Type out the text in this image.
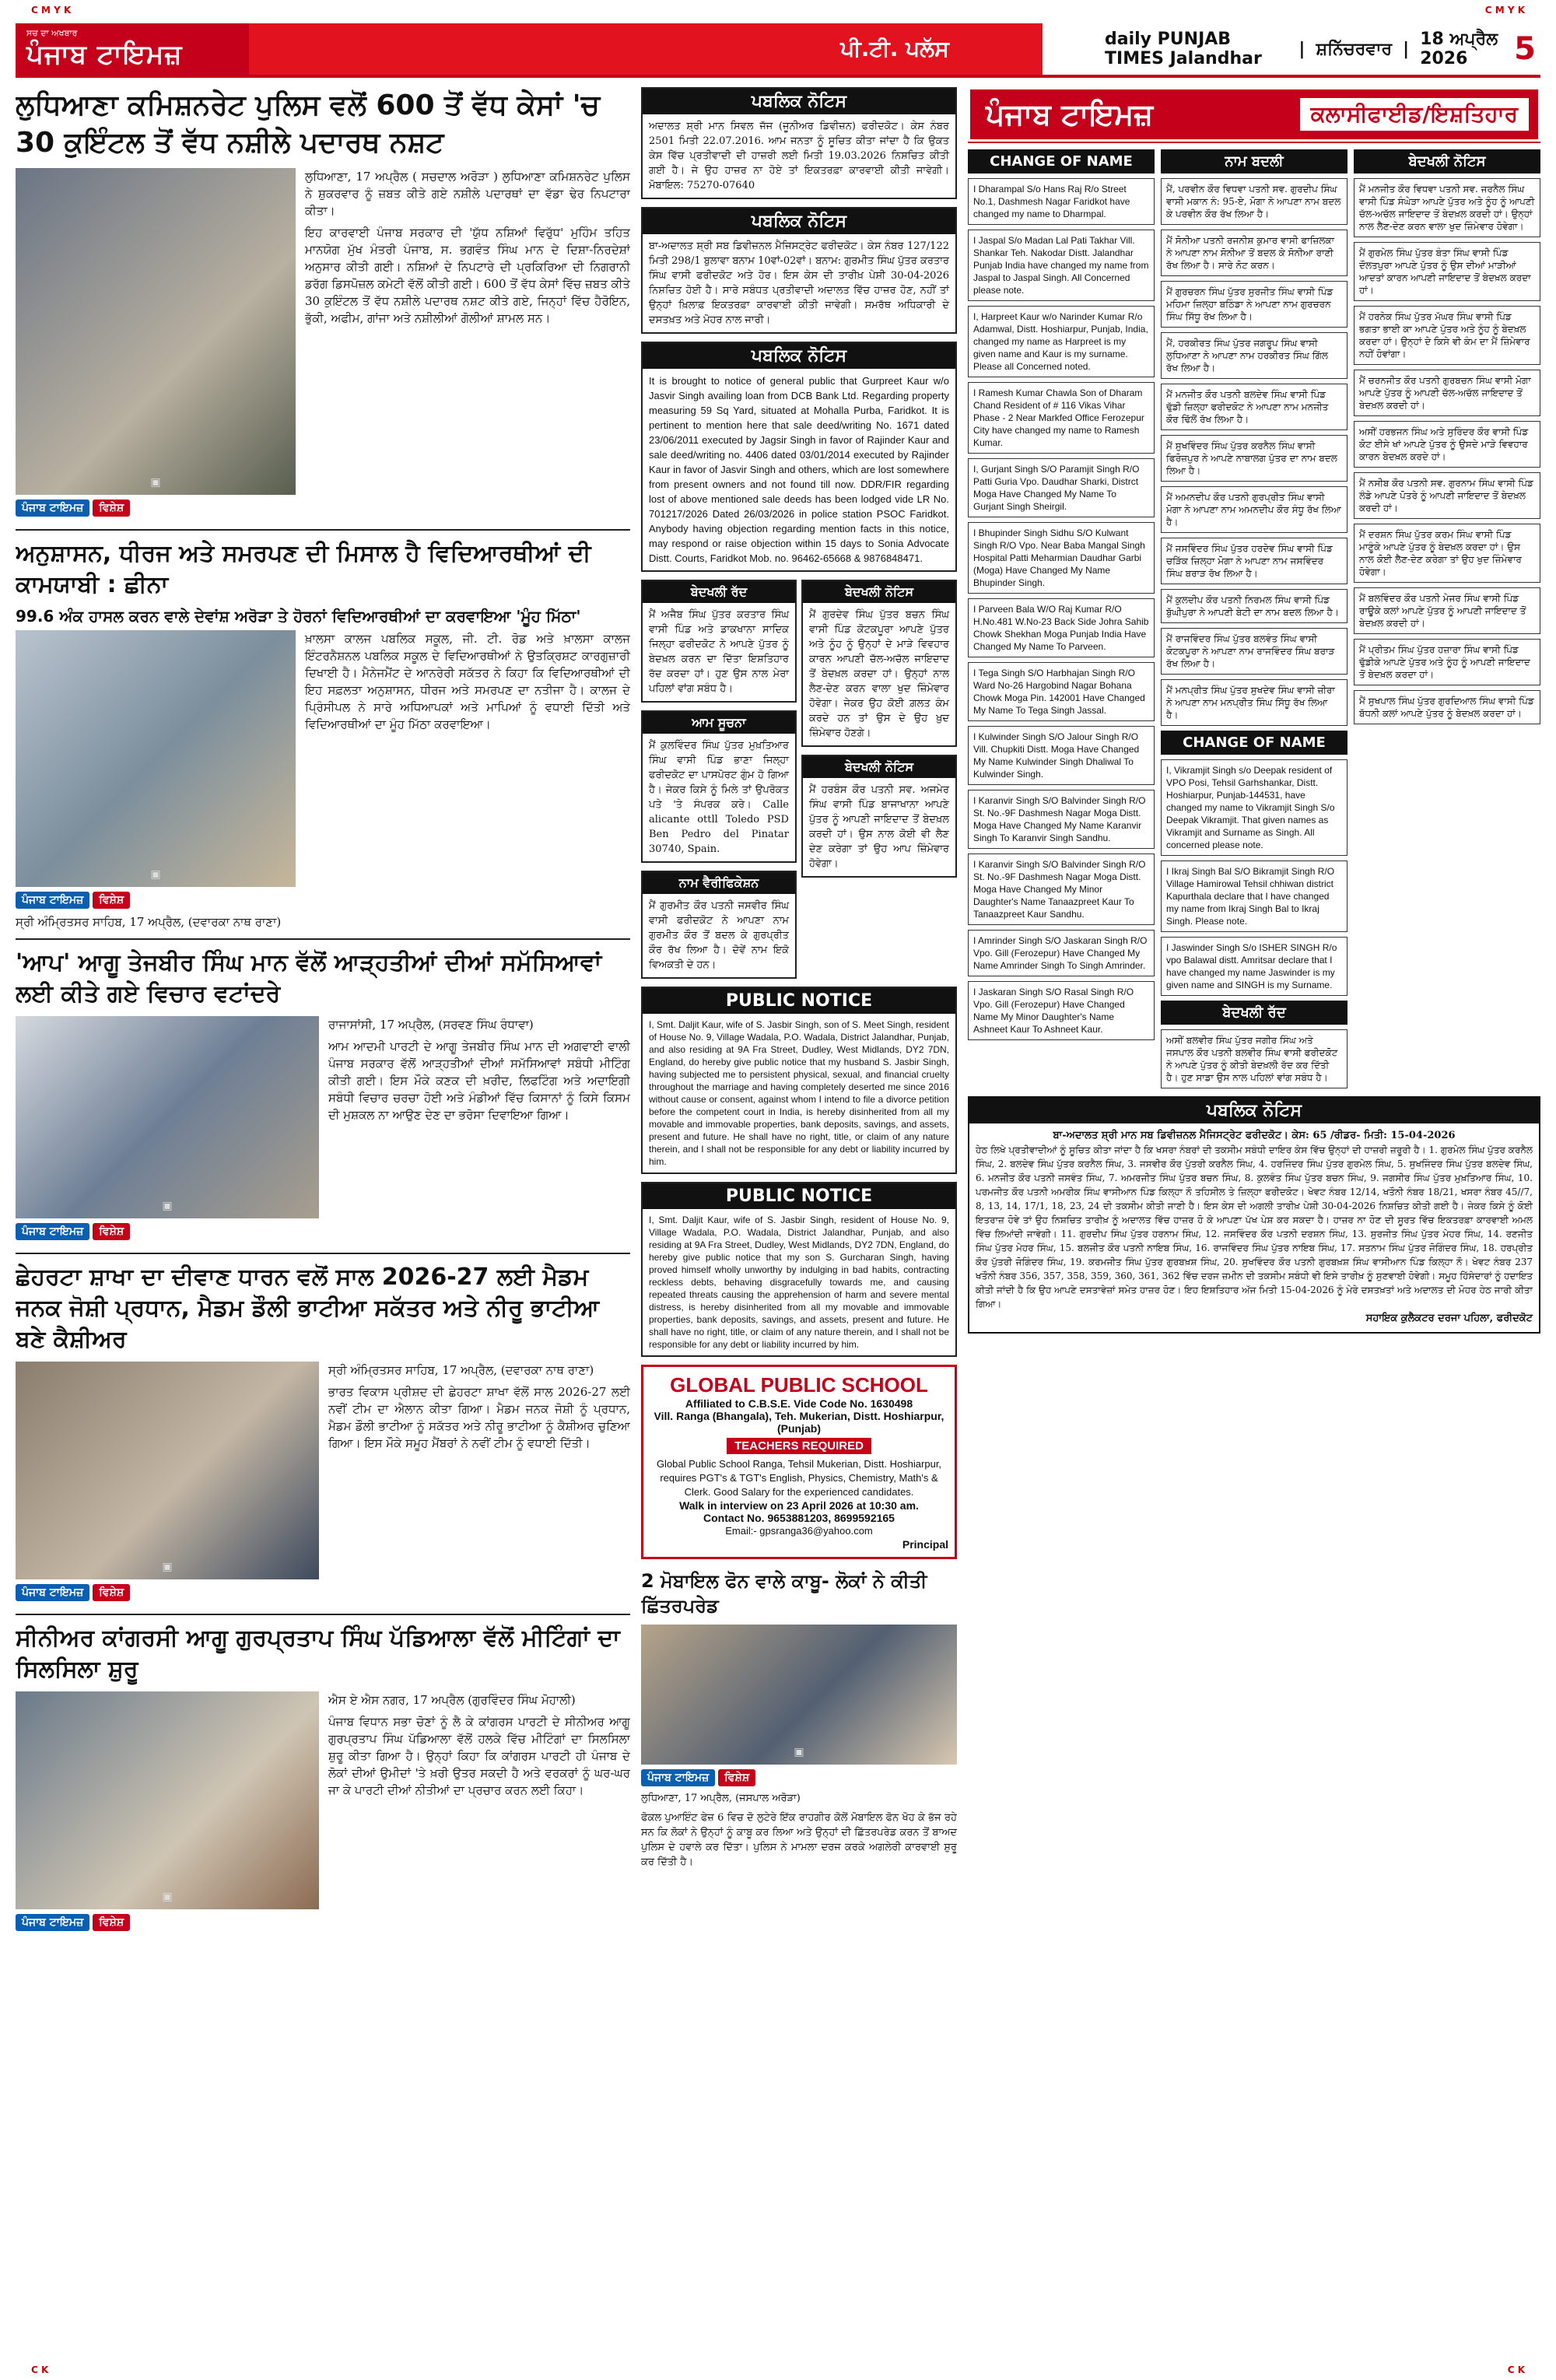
C M Y K	C M Y K
C K	C K
ਸਚ ਦਾ ਅਖਬਾਰ
ਪੰਜਾਬ ਟਾਇਮਜ਼	ਪੀ.ਟੀ. ਪਲੱਸ	daily PUNJAB TIMES Jalandhar	| ਸ਼ਨਿੱਚਰਵਾਰ | 18 ਅਪ੍ਰੈਲ 2026	5
ਲੁਧਿਆਣਾ ਕਮਿਸ਼ਨਰੇਟ ਪੁਲਿਸ ਵਲੋਂ 600 ਤੋਂ ਵੱਧ ਕੇਸਾਂ 'ਚ 30 ਕੁਇੰਟਲ ਤੋਂ ਵੱਧ ਨਸ਼ੀਲੇ ਪਦਾਰਥ ਨਸ਼ਟ
▣

ਲੁਧਿਆਣਾ, 17 ਅਪ੍ਰੈਲ ( ਸਚਦਾਲ ਅਰੋੜਾ ) ਲੁਧਿਆਣਾ ਕਮਿਸ਼ਨਰੇਟ ਪੁਲਿਸ ਨੇ ਸ਼ੁਕਰਵਾਰ ਨੂੰ ਜ਼ਬਤ ਕੀਤੇ ਗਏ ਨਸ਼ੀਲੇ ਪਦਾਰਥਾਂ ਦਾ ਵੱਡਾ ਢੇਰ ਨਿਪਟਾਰਾ ਕੀਤਾ।

ਇਹ ਕਾਰਵਾਈ ਪੰਜਾਬ ਸਰਕਾਰ ਦੀ 'ਯੁੱਧ ਨਸ਼ਿਆਂ ਵਿਰੁੱਧ' ਮੁਹਿੰਮ ਤਹਿਤ ਮਾਨਯੋਗ ਮੁੱਖ ਮੰਤਰੀ ਪੰਜਾਬ, ਸ. ਭਗਵੰਤ ਸਿੰਘ ਮਾਨ ਦੇ ਦਿਸ਼ਾ-ਨਿਰਦੇਸ਼ਾਂ ਅਨੁਸਾਰ ਕੀਤੀ ਗਈ। ਨਸ਼ਿਆਂ ਦੇ ਨਿਪਟਾਰੇ ਦੀ ਪ੍ਰਕਿਰਿਆ ਦੀ ਨਿਗਰਾਨੀ ਡਰੱਗ ਡਿਸਪੋਜ਼ਲ ਕਮੇਟੀ ਵੱਲੋਂ ਕੀਤੀ ਗਈ। 600 ਤੋਂ ਵੱਧ ਕੇਸਾਂ ਵਿੱਚ ਜ਼ਬਤ ਕੀਤੇ 30 ਕੁਇੰਟਲ ਤੋਂ ਵੱਧ ਨਸ਼ੀਲੇ ਪਦਾਰਥ ਨਸ਼ਟ ਕੀਤੇ ਗਏ, ਜਿਨ੍ਹਾਂ ਵਿੱਚ ਹੈਰੋਇਨ, ਭੁੱਕੀ, ਅਫੀਮ, ਗਾਂਜਾ ਅਤੇ ਨਸ਼ੀਲੀਆਂ ਗੋਲੀਆਂ ਸ਼ਾਮਲ ਸਨ।

ਪੰਜਾਬ ਟਾਇਮਜ਼	ਵਿਸ਼ੇਸ਼
ਅਨੁਸ਼ਾਸਨ, ਧੀਰਜ ਅਤੇ ਸਮਰਪਣ ਦੀ ਮਿਸਾਲ ਹੈ ਵਿਦਿਆਰਥੀਆਂ ਦੀ ਕਾਮਯਾਬੀ : ਛੀਨਾ
99.6 ਅੰਕ ਹਾਸਲ ਕਰਨ ਵਾਲੇ ਦੇਵਾਂਸ਼ ਅਰੋੜਾ ਤੇ ਹੋਰਨਾਂ ਵਿਦਿਆਰਥੀਆਂ ਦਾ ਕਰਵਾਇਆ 'ਮੂੰਹ ਮਿੱਠਾ'
▣

ਖ਼ਾਲਸਾ ਕਾਲਜ ਪਬਲਿਕ ਸਕੂਲ, ਜੀ. ਟੀ. ਰੋਡ ਅਤੇ ਖ਼ਾਲਸਾ ਕਾਲਜ ਇੰਟਰਨੈਸ਼ਨਲ ਪਬਲਿਕ ਸਕੂਲ ਦੇ ਵਿਦਿਆਰਥੀਆਂ ਨੇ ਉਤਕ੍ਰਿਸ਼ਟ ਕਾਰਗੁਜ਼ਾਰੀ ਦਿਖਾਈ ਹੈ। ਮੈਨੇਜਮੈਂਟ ਦੇ ਆਨਰੇਰੀ ਸਕੱਤਰ ਨੇ ਕਿਹਾ ਕਿ ਵਿਦਿਆਰਥੀਆਂ ਦੀ ਇਹ ਸਫ਼ਲਤਾ ਅਨੁਸ਼ਾਸਨ, ਧੀਰਜ ਅਤੇ ਸਮਰਪਣ ਦਾ ਨਤੀਜਾ ਹੈ। ਕਾਲਜ ਦੇ ਪ੍ਰਿੰਸੀਪਲ ਨੇ ਸਾਰੇ ਅਧਿਆਪਕਾਂ ਅਤੇ ਮਾਪਿਆਂ ਨੂੰ ਵਧਾਈ ਦਿੱਤੀ ਅਤੇ ਵਿਦਿਆਰਥੀਆਂ ਦਾ ਮੂੰਹ ਮਿੱਠਾ ਕਰਵਾਇਆ।

ਪੰਜਾਬ ਟਾਇਮਜ਼	ਵਿਸ਼ੇਸ਼

ਸ੍ਰੀ ਅੰਮ੍ਰਿਤਸਰ ਸਾਹਿਬ, 17 ਅਪ੍ਰੈਲ, (ਦਵਾਰਕਾ ਨਾਥ ਰਾਣਾ)

'ਆਪ' ਆਗੂ ਤੇਜਬੀਰ ਸਿੰਘ ਮਾਨ ਵੱਲੋਂ ਆੜ੍ਹਤੀਆਂ ਦੀਆਂ ਸਮੱਸਿਆਵਾਂ ਲਈ ਕੀਤੇ ਗਏ ਵਿਚਾਰ ਵਟਾਂਦਰੇ
▣

ਰਾਜਾਸਾਂਸੀ, 17 ਅਪ੍ਰੈਲ, (ਸਰਵਣ ਸਿੰਘ ਰੰਧਾਵਾ)

ਆਮ ਆਦਮੀ ਪਾਰਟੀ ਦੇ ਆਗੂ ਤੇਜਬੀਰ ਸਿੰਘ ਮਾਨ ਦੀ ਅਗਵਾਈ ਵਾਲੀ ਪੰਜਾਬ ਸਰਕਾਰ ਵੱਲੋਂ ਆੜ੍ਹਤੀਆਂ ਦੀਆਂ ਸਮੱਸਿਆਵਾਂ ਸਬੰਧੀ ਮੀਟਿੰਗ ਕੀਤੀ ਗਈ। ਇਸ ਮੌਕੇ ਕਣਕ ਦੀ ਖ਼ਰੀਦ, ਲਿਫਟਿੰਗ ਅਤੇ ਅਦਾਇਗੀ ਸਬੰਧੀ ਵਿਚਾਰ ਚਰਚਾ ਹੋਈ ਅਤੇ ਮੰਡੀਆਂ ਵਿੱਚ ਕਿਸਾਨਾਂ ਨੂੰ ਕਿਸੇ ਕਿਸਮ ਦੀ ਮੁਸ਼ਕਲ ਨਾ ਆਉਣ ਦੇਣ ਦਾ ਭਰੋਸਾ ਦਿਵਾਇਆ ਗਿਆ।

ਪੰਜਾਬ ਟਾਇਮਜ਼	ਵਿਸ਼ੇਸ਼
ਛੇਹਰਟਾ ਸ਼ਾਖਾ ਦਾ ਦੀਵਾਣ ਧਾਰਨ ਵਲੋਂ ਸਾਲ 2026-27 ਲਈ ਮੈਡਮ ਜਨਕ ਜੋਸ਼ੀ ਪ੍ਰਧਾਨ, ਮੈਡਮ ਡੌਲੀ ਭਾਟੀਆ ਸਕੱਤਰ ਅਤੇ ਨੀਰੂ ਭਾਟੀਆ ਬਣੇ ਕੈਸ਼ੀਅਰ
▣

ਸ੍ਰੀ ਅੰਮ੍ਰਿਤਸਰ ਸਾਹਿਬ, 17 ਅਪ੍ਰੈਲ, (ਦਵਾਰਕਾ ਨਾਥ ਰਾਣਾ)

ਭਾਰਤ ਵਿਕਾਸ ਪ੍ਰੀਸ਼ਦ ਦੀ ਛੇਹਰਟਾ ਸ਼ਾਖਾ ਵੱਲੋਂ ਸਾਲ 2026-27 ਲਈ ਨਵੀਂ ਟੀਮ ਦਾ ਐਲਾਨ ਕੀਤਾ ਗਿਆ। ਮੈਡਮ ਜਨਕ ਜੋਸ਼ੀ ਨੂੰ ਪ੍ਰਧਾਨ, ਮੈਡਮ ਡੌਲੀ ਭਾਟੀਆ ਨੂੰ ਸਕੱਤਰ ਅਤੇ ਨੀਰੂ ਭਾਟੀਆ ਨੂੰ ਕੈਸ਼ੀਅਰ ਚੁਣਿਆ ਗਿਆ। ਇਸ ਮੌਕੇ ਸਮੂਹ ਮੈਂਬਰਾਂ ਨੇ ਨਵੀਂ ਟੀਮ ਨੂੰ ਵਧਾਈ ਦਿੱਤੀ।

ਪੰਜਾਬ ਟਾਇਮਜ਼	ਵਿਸ਼ੇਸ਼
ਸੀਨੀਅਰ ਕਾਂਗਰਸੀ ਆਗੂ ਗੁਰਪ੍ਰਤਾਪ ਸਿੰਘ ਪੱਡਿਆਲਾ ਵੱਲੋਂ ਮੀਟਿੰਗਾਂ ਦਾ ਸਿਲਸਿਲਾ ਸ਼ੁਰੂ
▣

ਐਸ ਏ ਐਸ ਨਗਰ, 17 ਅਪ੍ਰੈਲ (ਗੁਰਵਿੰਦਰ ਸਿੰਘ ਮੋਹਾਲੀ)

ਪੰਜਾਬ ਵਿਧਾਨ ਸਭਾ ਚੋਣਾਂ ਨੂੰ ਲੈ ਕੇ ਕਾਂਗਰਸ ਪਾਰਟੀ ਦੇ ਸੀਨੀਅਰ ਆਗੂ ਗੁਰਪ੍ਰਤਾਪ ਸਿੰਘ ਪੱਡਿਆਲਾ ਵੱਲੋਂ ਹਲਕੇ ਵਿੱਚ ਮੀਟਿੰਗਾਂ ਦਾ ਸਿਲਸਿਲਾ ਸ਼ੁਰੂ ਕੀਤਾ ਗਿਆ ਹੈ। ਉਨ੍ਹਾਂ ਕਿਹਾ ਕਿ ਕਾਂਗਰਸ ਪਾਰਟੀ ਹੀ ਪੰਜਾਬ ਦੇ ਲੋਕਾਂ ਦੀਆਂ ਉਮੀਦਾਂ 'ਤੇ ਖ਼ਰੀ ਉਤਰ ਸਕਦੀ ਹੈ ਅਤੇ ਵਰਕਰਾਂ ਨੂੰ ਘਰ-ਘਰ ਜਾ ਕੇ ਪਾਰਟੀ ਦੀਆਂ ਨੀਤੀਆਂ ਦਾ ਪ੍ਰਚਾਰ ਕਰਨ ਲਈ ਕਿਹਾ।

ਪੰਜਾਬ ਟਾਇਮਜ਼	ਵਿਸ਼ੇਸ਼
ਪਬਲਿਕ ਨੋਟਿਸ
ਅਦਾਲਤ ਸ਼੍ਰੀ ਮਾਨ ਸਿਵਲ ਜੱਜ (ਜੂਨੀਅਰ ਡਿਵੀਜ਼ਨ) ਫਰੀਦਕੋਟ। ਕੇਸ ਨੰਬਰ 2501 ਮਿਤੀ 22.07.2016. ਆਮ ਜਨਤਾ ਨੂੰ ਸੂਚਿਤ ਕੀਤਾ ਜਾਂਦਾ ਹੈ ਕਿ ਉਕਤ ਕੇਸ ਵਿੱਚ ਪ੍ਰਤੀਵਾਦੀ ਦੀ ਹਾਜ਼ਰੀ ਲਈ ਮਿਤੀ 19.03.2026 ਨਿਸ਼ਚਿਤ ਕੀਤੀ ਗਈ ਹੈ। ਜੇ ਉਹ ਹਾਜ਼ਰ ਨਾ ਹੋਏ ਤਾਂ ਇਕਤਰਫ਼ਾ ਕਾਰਵਾਈ ਕੀਤੀ ਜਾਵੇਗੀ। ਮੋਬਾਇਲ: 75270-07640
ਪਬਲਿਕ ਨੋਟਿਸ
ਬਾ-ਅਦਾਲਤ ਸ਼੍ਰੀ ਸਬ ਡਿਵੀਜ਼ਨਲ ਮੈਜਿਸਟ੍ਰੇਟ ਫਰੀਦਕੋਟ। ਕੇਸ ਨੰਬਰ 127/122 ਮਿਤੀ 298/1 ਬੁਲਾਵਾ ਬਨਾਮ 10ਵਾਂ-02ਵਾਂ। ਬਨਾਮ: ਗੁਰਮੀਤ ਸਿੰਘ ਪੁੱਤਰ ਕਰਤਾਰ ਸਿੰਘ ਵਾਸੀ ਫਰੀਦਕੋਟ ਅਤੇ ਹੋਰ। ਇਸ ਕੇਸ ਦੀ ਤਾਰੀਖ਼ ਪੇਸ਼ੀ 30-04-2026 ਨਿਸ਼ਚਿਤ ਹੋਈ ਹੈ। ਸਾਰੇ ਸਬੰਧਤ ਪ੍ਰਤੀਵਾਦੀ ਅਦਾਲਤ ਵਿੱਚ ਹਾਜ਼ਰ ਹੋਣ, ਨਹੀਂ ਤਾਂ ਉਨ੍ਹਾਂ ਖ਼ਿਲਾਫ਼ ਇਕਤਰਫ਼ਾ ਕਾਰਵਾਈ ਕੀਤੀ ਜਾਵੇਗੀ। ਸਮਰੱਥ ਅਧਿਕਾਰੀ ਦੇ ਦਸਤਖ਼ਤ ਅਤੇ ਮੋਹਰ ਨਾਲ ਜਾਰੀ।
ਪਬਲਿਕ ਨੋਟਿਸ
It is brought to notice of general public that Gurpreet Kaur w/o Jasvir Singh availing loan from DCB Bank Ltd. Regarding property measuring 59 Sq Yard, situated at Mohalla Purba, Faridkot. It is pertinent to mention here that sale deed/writing No. 1671 dated 23/06/2011 executed by Jagsir Singh in favor of Rajinder Kaur and sale deed/writing no. 4406 dated 03/01/2014 executed by Rajinder Kaur in favor of Jasvir Singh and others, which are lost somewhere from present owners and not found till now. DDR/FIR regarding lost of above mentioned sale deeds has been lodged vide LR No. 701217/2026 Dated 26/03/2026 in police station PSOC Faridkot. Anybody having objection regarding mention facts in this notice, may respond or raise objection within 15 days to Sonia Advocate Distt. Courts, Faridkot Mob. no. 96462-65668 & 9876848471.
ਬੇਦਖਲੀ ਰੱਦ
ਮੈਂ ਅਜੈਬ ਸਿੰਘ ਪੁੱਤਰ ਕਰਤਾਰ ਸਿੰਘ ਵਾਸੀ ਪਿੰਡ ਅਤੇ ਡਾਕਖਾਨਾ ਸਾਦਿਕ ਜਿਲ੍ਹਾ ਫਰੀਦਕੋਟ ਨੇ ਆਪਣੇ ਪੁੱਤਰ ਨੂੰ ਬੇਦਖ਼ਲ ਕਰਨ ਦਾ ਦਿੱਤਾ ਇਸ਼ਤਿਹਾਰ ਰੱਦ ਕਰਦਾ ਹਾਂ। ਹੁਣ ਉਸ ਨਾਲ ਮੇਰਾ ਪਹਿਲਾਂ ਵਾਂਗ ਸਬੰਧ ਹੈ।
ਆਮ ਸੂਚਨਾ
ਮੈਂ ਕੁਲਵਿੰਦਰ ਸਿੰਘ ਪੁੱਤਰ ਮੁਖ਼ਤਿਆਰ ਸਿੰਘ ਵਾਸੀ ਪਿੰਡ ਭਾਣਾ ਜਿਲ੍ਹਾ ਫਰੀਦਕੋਟ ਦਾ ਪਾਸਪੋਰਟ ਗੁੰਮ ਹੋ ਗਿਆ ਹੈ। ਜੇਕਰ ਕਿਸੇ ਨੂੰ ਮਿਲੇ ਤਾਂ ਉਪਰੋਕਤ ਪਤੇ 'ਤੇ ਸੰਪਰਕ ਕਰੇ। Calle alicante ottll Toledo PSD Ben Pedro del Pinatar 30740, Spain.
ਨਾਮ ਵੈਰੀਫਿਕੇਸ਼ਨ
ਮੈਂ ਗੁਰਮੀਤ ਕੌਰ ਪਤਨੀ ਜਸਵੀਰ ਸਿੰਘ ਵਾਸੀ ਫਰੀਦਕੋਟ ਨੇ ਆਪਣਾ ਨਾਮ ਗੁਰਮੀਤ ਕੌਰ ਤੋਂ ਬਦਲ ਕੇ ਗੁਰਪ੍ਰੀਤ ਕੌਰ ਰੱਖ ਲਿਆ ਹੈ। ਦੋਵੇਂ ਨਾਮ ਇਕੋ ਵਿਅਕਤੀ ਦੇ ਹਨ।
ਬੇਦਖਲੀ ਨੋਟਿਸ
ਮੈਂ ਗੁਰਦੇਵ ਸਿੰਘ ਪੁੱਤਰ ਬਚਨ ਸਿੰਘ ਵਾਸੀ ਪਿੰਡ ਕੋਟਕਪੂਰਾ ਆਪਣੇ ਪੁੱਤਰ ਅਤੇ ਨੂੰਹ ਨੂੰ ਉਨ੍ਹਾਂ ਦੇ ਮਾੜੇ ਵਿਵਹਾਰ ਕਾਰਨ ਆਪਣੀ ਚੱਲ-ਅਚੱਲ ਜਾਇਦਾਦ ਤੋਂ ਬੇਦਖ਼ਲ ਕਰਦਾ ਹਾਂ। ਉਨ੍ਹਾਂ ਨਾਲ ਲੈਣ-ਦੇਣ ਕਰਨ ਵਾਲਾ ਖੁਦ ਜ਼ਿੰਮੇਵਾਰ ਹੋਵੇਗਾ। ਜੇਕਰ ਉਹ ਕੋਈ ਗ਼ਲਤ ਕੰਮ ਕਰਦੇ ਹਨ ਤਾਂ ਉਸ ਦੇ ਉਹ ਖ਼ੁਦ ਜ਼ਿੰਮੇਵਾਰ ਹੋਣਗੇ।
ਬੇਦਖਲੀ ਨੋਟਿਸ
ਮੈਂ ਹਰਬੰਸ ਕੌਰ ਪਤਨੀ ਸਵ. ਅਜਮੇਰ ਸਿੰਘ ਵਾਸੀ ਪਿੰਡ ਬਾਜਾਖਾਨਾ ਆਪਣੇ ਪੁੱਤਰ ਨੂੰ ਆਪਣੀ ਜਾਇਦਾਦ ਤੋਂ ਬੇਦਖ਼ਲ ਕਰਦੀ ਹਾਂ। ਉਸ ਨਾਲ ਕੋਈ ਵੀ ਲੈਣ ਦੇਣ ਕਰੇਗਾ ਤਾਂ ਉਹ ਆਪ ਜ਼ਿੰਮੇਵਾਰ ਹੋਵੇਗਾ।
PUBLIC NOTICE
I, Smt. Daljit Kaur, wife of S. Jasbir Singh, son of S. Meet Singh, resident of House No. 9, Village Wadala, P.O. Wadala, District Jalandhar, Punjab, and also residing at 9A Fra Street, Dudley, West Midlands, DY2 7DN, England, do hereby give public notice that my husband S. Jasbir Singh, having subjected me to persistent physical, sexual, and financial cruelty throughout the marriage and having completely deserted me since 2016 without cause or consent, against whom I intend to file a divorce petition before the competent court in India, is hereby disinherited from all my movable and immovable properties, bank deposits, savings, and assets, present and future. He shall have no right, title, or claim of any nature therein, and I shall not be responsible for any debt or liability incurred by him.
PUBLIC NOTICE
I, Smt. Daljit Kaur, wife of S. Jasbir Singh, resident of House No. 9, Village Wadala, P.O. Wadala, District Jalandhar, Punjab, and also residing at 9A Fra Street, Dudley, West Midlands, DY2 7DN, England, do hereby give public notice that my son S. Gurcharan Singh, having proved himself wholly unworthy by indulging in bad habits, contracting reckless debts, behaving disgracefully towards me, and causing repeated threats causing the apprehension of harm and severe mental distress, is hereby disinherited from all my movable and immovable properties, bank deposits, savings, and assets, present and future. He shall have no right, title, or claim of any nature therein, and I shall not be responsible for any debt or liability incurred by him.
GLOBAL PUBLIC SCHOOL
Affiliated to C.B.S.E. Vide Code No. 1630498
Vill. Ranga (Bhangala), Teh. Mukerian, Distt. Hoshiarpur, (Punjab)
TEACHERS REQUIRED
Global Public School Ranga, Tehsil Mukerian, Distt. Hoshiarpur, requires PGT's & TGT's English, Physics, Chemistry, Math's & Clerk. Good Salary for the experienced candidates.
Walk in interview on 23 April 2026 at 10:30 am.
Contact No. 9653881203, 8699592165
Email:- gpsranga36@yahoo.com
Principal
2 ਮੋਬਾਇਲ ਫੋਨ ਵਾਲੇ ਕਾਬੂ- ਲੋਕਾਂ ਨੇ ਕੀਤੀ ਛਿੱਤਰਪਰੇਡ
▣
ਪੰਜਾਬ ਟਾਇਮਜ਼	ਵਿਸ਼ੇਸ਼

ਲੁਧਿਆਣਾ, 17 ਅਪ੍ਰੈਲ, (ਜਸਪਾਲ ਅਰੋੜਾ)

ਫੋਕਲ ਪੁਆਇੰਟ ਫੇਜ਼ 6 ਵਿਚ ਦੋ ਲੁਟੇਰੇ ਇੱਕ ਰਾਹਗੀਰ ਕੋਲੋਂ ਮੋਬਾਇਲ ਫੋਨ ਖੋਹ ਕੇ ਭੱਜ ਰਹੇ ਸਨ ਕਿ ਲੋਕਾਂ ਨੇ ਉਨ੍ਹਾਂ ਨੂੰ ਕਾਬੂ ਕਰ ਲਿਆ ਅਤੇ ਉਨ੍ਹਾਂ ਦੀ ਛਿੱਤਰਪਰੇਡ ਕਰਨ ਤੋਂ ਬਾਅਦ ਪੁਲਿਸ ਦੇ ਹਵਾਲੇ ਕਰ ਦਿੱਤਾ। ਪੁਲਿਸ ਨੇ ਮਾਮਲਾ ਦਰਜ ਕਰਕੇ ਅਗਲੇਰੀ ਕਾਰਵਾਈ ਸ਼ੁਰੂ ਕਰ ਦਿੱਤੀ ਹੈ।

ਪੰਜਾਬ ਟਾਇਮਜ਼	ਕਲਾਸੀਫਾਈਡ/ਇਸ਼ਤਿਹਾਰ
CHANGE OF NAME
I Dharampal S/o Hans Raj R/o Street No.1, Dashmesh Nagar Faridkot have changed my name to Dharmpal.
I Jaspal S/o Madan Lal Pati Takhar Vill. Shankar Teh. Nakodar Distt. Jalandhar Punjab India have changed my name from Jaspal to Jaspal Singh. All Concerned please note.
I, Harpreet Kaur w/o Narinder Kumar R/o Adamwal, Distt. Hoshiarpur, Punjab, India, changed my name as Harpreet is my given name and Kaur is my surname. Please all Concerned noted.
I Ramesh Kumar Chawla Son of Dharam Chand Resident of # 116 Vikas Vihar Phase - 2 Near Markfed Office Ferozepur City have changed my name to Ramesh Kumar.
I, Gurjant Singh S/O Paramjit Singh R/O Patti Guria Vpo. Daudhar Sharki, Distrct Moga Have Changed My Name To Gurjant Singh Sheirgil.
I Bhupinder Singh Sidhu S/O Kulwant Singh R/O Vpo. Near Baba Mangal Singh Hospital Patti Meharmian Daudhar Garbi (Moga) Have Changed My Name Bhupinder Singh.
I Parveen Bala W/O Raj Kumar R/O H.No.481 W.No-23 Back Side Johra Sahib Chowk Shekhan Moga Punjab India Have Changed My Name To Parveen.
I Tega Singh S/O Harbhajan Singh R/O Ward No-26 Hargobind Nagar Bohana Chowk Moga Pin. 142001 Have Changed My Name To Tega Singh Jassal.
I Kulwinder Singh S/O Jalour Singh R/O Vill. Chupkiti Distt. Moga Have Changed My Name Kulwinder Singh Dhaliwal To Kulwinder Singh.
I Karanvir Singh S/O Balvinder Singh R/O St. No.-9F Dashmesh Nagar Moga Distt. Moga Have Changed My Name Karanvir Singh To Karanvir Singh Sandhu.
I Karanvir Singh S/O Balvinder Singh R/O St. No.-9F Dashmesh Nagar Moga Distt. Moga Have Changed My Minor Daughter's Name Tanaazpreet Kaur To Tanaazpreet Kaur Sandhu.
I Amrinder Singh S/O Jaskaran Singh R/O Vpo. Gill (Ferozepur) Have Changed My Name Amrinder Singh To Singh Amrinder.
I Jaskaran Singh S/O Rasal Singh R/O Vpo. Gill (Ferozepur) Have Changed Name My Minor Daughter's Name Ashneet Kaur To Ashneet Kaur.
ਨਾਮ ਬਦਲੀ
ਮੈਂ, ਪਰਵੀਨ ਕੌਰ ਵਿਧਵਾ ਪਤਨੀ ਸਵ. ਗੁਰਦੀਪ ਸਿੰਘ ਵਾਸੀ ਮਕਾਨ ਨੰ: 95-ਏ, ਮੋਗਾ ਨੇ ਆਪਣਾ ਨਾਮ ਬਦਲ ਕੇ ਪਰਵੀਨ ਕੌਰ ਰੱਖ ਲਿਆ ਹੈ।
ਮੈਂ ਸੋਨੀਆ ਪਤਨੀ ਰਜਨੀਸ਼ ਕੁਮਾਰ ਵਾਸੀ ਫਾਜ਼ਿਲਕਾ ਨੇ ਆਪਣਾ ਨਾਮ ਸੋਨੀਆ ਤੋਂ ਬਦਲ ਕੇ ਸੋਨੀਆ ਰਾਣੀ ਰੱਖ ਲਿਆ ਹੈ। ਸਾਰੇ ਨੋਟ ਕਰਨ।
ਮੈਂ ਗੁਰਚਰਨ ਸਿੰਘ ਪੁੱਤਰ ਸੁਰਜੀਤ ਸਿੰਘ ਵਾਸੀ ਪਿੰਡ ਮਹਿਮਾ ਜ਼ਿਲ੍ਹਾ ਬਠਿੰਡਾ ਨੇ ਆਪਣਾ ਨਾਮ ਗੁਰਚਰਨ ਸਿੰਘ ਸਿੱਧੂ ਰੱਖ ਲਿਆ ਹੈ।
ਮੈਂ, ਹਰਕੀਰਤ ਸਿੰਘ ਪੁੱਤਰ ਜਗਰੂਪ ਸਿੰਘ ਵਾਸੀ ਲੁਧਿਆਣਾ ਨੇ ਆਪਣਾ ਨਾਮ ਹਰਕੀਰਤ ਸਿੰਘ ਗਿੱਲ ਰੱਖ ਲਿਆ ਹੈ।
ਮੈਂ ਮਨਜੀਤ ਕੌਰ ਪਤਨੀ ਬਲਦੇਵ ਸਿੰਘ ਵਾਸੀ ਪਿੰਡ ਢੁੱਡੀ ਜ਼ਿਲ੍ਹਾ ਫਰੀਦਕੋਟ ਨੇ ਆਪਣਾ ਨਾਮ ਮਨਜੀਤ ਕੌਰ ਢਿੱਲੋਂ ਰੱਖ ਲਿਆ ਹੈ।
ਮੈਂ ਸੁਖਵਿੰਦਰ ਸਿੰਘ ਪੁੱਤਰ ਕਰਨੈਲ ਸਿੰਘ ਵਾਸੀ ਫਿਰੋਜ਼ਪੁਰ ਨੇ ਆਪਣੇ ਨਾਬਾਲਗ ਪੁੱਤਰ ਦਾ ਨਾਮ ਬਦਲ ਲਿਆ ਹੈ।
ਮੈਂ ਅਮਨਦੀਪ ਕੌਰ ਪਤਨੀ ਗੁਰਪ੍ਰੀਤ ਸਿੰਘ ਵਾਸੀ ਮੋਗਾ ਨੇ ਆਪਣਾ ਨਾਮ ਅਮਨਦੀਪ ਕੌਰ ਸੰਧੂ ਰੱਖ ਲਿਆ ਹੈ।
ਮੈਂ ਜਸਵਿੰਦਰ ਸਿੰਘ ਪੁੱਤਰ ਹਰਦੇਵ ਸਿੰਘ ਵਾਸੀ ਪਿੰਡ ਚੜਿੱਕ ਜ਼ਿਲ੍ਹਾ ਮੋਗਾ ਨੇ ਆਪਣਾ ਨਾਮ ਜਸਵਿੰਦਰ ਸਿੰਘ ਬਰਾੜ ਰੱਖ ਲਿਆ ਹੈ।
ਮੈਂ ਕੁਲਦੀਪ ਕੌਰ ਪਤਨੀ ਨਿਰਮਲ ਸਿੰਘ ਵਾਸੀ ਪਿੰਡ ਬੁੱਘੀਪੁਰਾ ਨੇ ਆਪਣੀ ਬੇਟੀ ਦਾ ਨਾਮ ਬਦਲ ਲਿਆ ਹੈ।
ਮੈਂ ਰਾਜਵਿੰਦਰ ਸਿੰਘ ਪੁੱਤਰ ਬਲਵੰਤ ਸਿੰਘ ਵਾਸੀ ਕੋਟਕਪੂਰਾ ਨੇ ਆਪਣਾ ਨਾਮ ਰਾਜਵਿੰਦਰ ਸਿੰਘ ਬਰਾੜ ਰੱਖ ਲਿਆ ਹੈ।
ਮੈਂ ਮਨਪ੍ਰੀਤ ਸਿੰਘ ਪੁੱਤਰ ਸੁਖਦੇਵ ਸਿੰਘ ਵਾਸੀ ਜ਼ੀਰਾ ਨੇ ਆਪਣਾ ਨਾਮ ਮਨਪ੍ਰੀਤ ਸਿੰਘ ਸਿੱਧੂ ਰੱਖ ਲਿਆ ਹੈ।
CHANGE OF NAME
I, Vikramjit Singh s/o Deepak resident of VPO Posi, Tehsil Garhshankar, Distt. Hoshiarpur, Punjab-144531, have changed my name to Vikramjit Singh S/o Deepak Vikramjit. That given names as Vikramjit and Surname as Singh. All concerned please note.
I Ikraj Singh Bal S/O Bikramjit Singh R/O Village Hamirowal Tehsil chhiwan district Kapurthala declare that I have changed my name from Ikraj Singh Bal to Ikraj Singh. Please note.
I Jaswinder Singh S/o ISHER SINGH R/o vpo Balawal distt. Amritsar declare that I have changed my name Jaswinder is my given name and SINGH is my Surname.
ਬੇਦਖਲੀ ਰੱਦ
ਅਸੀਂ ਬਲਵੀਰ ਸਿੰਘ ਪੁੱਤਰ ਜਗੀਰ ਸਿੰਘ ਅਤੇ ਜਸਪਾਲ ਕੌਰ ਪਤਨੀ ਬਲਵੀਰ ਸਿੰਘ ਵਾਸੀ ਫਰੀਦਕੋਟ ਨੇ ਆਪਣੇ ਪੁੱਤਰ ਨੂੰ ਕੀਤੀ ਬੇਦਖ਼ਲੀ ਰੱਦ ਕਰ ਦਿੱਤੀ ਹੈ। ਹੁਣ ਸਾਡਾ ਉਸ ਨਾਲ ਪਹਿਲਾਂ ਵਾਂਗ ਸਬੰਧ ਹੈ।
ਬੇਦਖਲੀ ਨੋਟਿਸ
ਮੈਂ ਮਨਜੀਤ ਕੌਰ ਵਿਧਵਾ ਪਤਨੀ ਸਵ. ਜਰਨੈਲ ਸਿੰਘ ਵਾਸੀ ਪਿੰਡ ਸੰਘੇੜਾ ਆਪਣੇ ਪੁੱਤਰ ਅਤੇ ਨੂੰਹ ਨੂੰ ਆਪਣੀ ਚੱਲ-ਅਚੱਲ ਜਾਇਦਾਦ ਤੋਂ ਬੇਦਖ਼ਲ ਕਰਦੀ ਹਾਂ। ਉਨ੍ਹਾਂ ਨਾਲ ਲੈਣ-ਦੇਣ ਕਰਨ ਵਾਲਾ ਖੁਦ ਜ਼ਿੰਮੇਵਾਰ ਹੋਵੇਗਾ।
ਮੈਂ ਗੁਰਮੇਲ ਸਿੰਘ ਪੁੱਤਰ ਬੰਤਾ ਸਿੰਘ ਵਾਸੀ ਪਿੰਡ ਦੌਲਤਪੁਰਾ ਆਪਣੇ ਪੁੱਤਰ ਨੂੰ ਉਸ ਦੀਆਂ ਮਾੜੀਆਂ ਆਦਤਾਂ ਕਾਰਨ ਆਪਣੀ ਜਾਇਦਾਦ ਤੋਂ ਬੇਦਖ਼ਲ ਕਰਦਾ ਹਾਂ।
ਮੈਂ ਹਰਨੇਕ ਸਿੰਘ ਪੁੱਤਰ ਮੱਘਰ ਸਿੰਘ ਵਾਸੀ ਪਿੰਡ ਭਗਤਾ ਭਾਈ ਕਾ ਆਪਣੇ ਪੁੱਤਰ ਅਤੇ ਨੂੰਹ ਨੂੰ ਬੇਦਖ਼ਲ ਕਰਦਾ ਹਾਂ। ਉਨ੍ਹਾਂ ਦੇ ਕਿਸੇ ਵੀ ਕੰਮ ਦਾ ਮੈਂ ਜ਼ਿੰਮੇਵਾਰ ਨਹੀਂ ਹੋਵਾਂਗਾ।
ਮੈਂ ਚਰਨਜੀਤ ਕੌਰ ਪਤਨੀ ਗੁਰਬਚਨ ਸਿੰਘ ਵਾਸੀ ਮੋਗਾ ਆਪਣੇ ਪੁੱਤਰ ਨੂੰ ਆਪਣੀ ਚੱਲ-ਅਚੱਲ ਜਾਇਦਾਦ ਤੋਂ ਬੇਦਖ਼ਲ ਕਰਦੀ ਹਾਂ।
ਅਸੀਂ ਹਰਭਜਨ ਸਿੰਘ ਅਤੇ ਸੁਰਿੰਦਰ ਕੌਰ ਵਾਸੀ ਪਿੰਡ ਕੋਟ ਈਸੇ ਖਾਂ ਆਪਣੇ ਪੁੱਤਰ ਨੂੰ ਉਸਦੇ ਮਾੜੇ ਵਿਵਹਾਰ ਕਾਰਨ ਬੇਦਖ਼ਲ ਕਰਦੇ ਹਾਂ।
ਮੈਂ ਨਸੀਬ ਕੌਰ ਪਤਨੀ ਸਵ. ਗੁਰਨਾਮ ਸਿੰਘ ਵਾਸੀ ਪਿੰਡ ਲੰਡੇ ਆਪਣੇ ਪੋਤਰੇ ਨੂੰ ਆਪਣੀ ਜਾਇਦਾਦ ਤੋਂ ਬੇਦਖ਼ਲ ਕਰਦੀ ਹਾਂ।
ਮੈਂ ਦਰਸ਼ਨ ਸਿੰਘ ਪੁੱਤਰ ਕਰਮ ਸਿੰਘ ਵਾਸੀ ਪਿੰਡ ਮਾਣੂੰਕੇ ਆਪਣੇ ਪੁੱਤਰ ਨੂੰ ਬੇਦਖ਼ਲ ਕਰਦਾ ਹਾਂ। ਉਸ ਨਾਲ ਕੋਈ ਲੈਣ-ਦੇਣ ਕਰੇਗਾ ਤਾਂ ਉਹ ਖੁਦ ਜ਼ਿੰਮੇਵਾਰ ਹੋਵੇਗਾ।
ਮੈਂ ਬਲਵਿੰਦਰ ਕੌਰ ਪਤਨੀ ਮੇਜਰ ਸਿੰਘ ਵਾਸੀ ਪਿੰਡ ਰਾਊਕੇ ਕਲਾਂ ਆਪਣੇ ਪੁੱਤਰ ਨੂੰ ਆਪਣੀ ਜਾਇਦਾਦ ਤੋਂ ਬੇਦਖ਼ਲ ਕਰਦੀ ਹਾਂ।
ਮੈਂ ਪ੍ਰੀਤਮ ਸਿੰਘ ਪੁੱਤਰ ਹਜ਼ਾਰਾ ਸਿੰਘ ਵਾਸੀ ਪਿੰਡ ਢੁੱਡੀਕੇ ਆਪਣੇ ਪੁੱਤਰ ਅਤੇ ਨੂੰਹ ਨੂੰ ਆਪਣੀ ਜਾਇਦਾਦ ਤੋਂ ਬੇਦਖ਼ਲ ਕਰਦਾ ਹਾਂ।
ਮੈਂ ਸੁਖਪਾਲ ਸਿੰਘ ਪੁੱਤਰ ਗੁਰਦਿਆਲ ਸਿੰਘ ਵਾਸੀ ਪਿੰਡ ਬੱਧਨੀ ਕਲਾਂ ਆਪਣੇ ਪੁੱਤਰ ਨੂੰ ਬੇਦਖ਼ਲ ਕਰਦਾ ਹਾਂ।
ਪਬਲਿਕ ਨੋਟਿਸ
ਬਾ-ਅਦਾਲਤ ਸ਼੍ਰੀ ਮਾਨ ਸਬ ਡਿਵੀਜ਼ਨਲ ਮੈਜਿਸਟ੍ਰੇਟ ਫਰੀਦਕੋਟ। ਕੇਸ: 65 /ਰੀਡਰ- ਮਿਤੀ: 15-04-2026
ਹੇਠ ਲਿਖੇ ਪ੍ਰਤੀਵਾਦੀਆਂ ਨੂੰ ਸੂਚਿਤ ਕੀਤਾ ਜਾਂਦਾ ਹੈ ਕਿ ਖਸਰਾ ਨੰਬਰਾਂ ਦੀ ਤਕਸੀਮ ਸਬੰਧੀ ਦਾਇਰ ਕੇਸ ਵਿੱਚ ਉਨ੍ਹਾਂ ਦੀ ਹਾਜ਼ਰੀ ਜ਼ਰੂਰੀ ਹੈ। 1. ਗੁਰਮੇਲ ਸਿੰਘ ਪੁੱਤਰ ਕਰਨੈਲ ਸਿੰਘ, 2. ਬਲਦੇਵ ਸਿੰਘ ਪੁੱਤਰ ਕਰਨੈਲ ਸਿੰਘ, 3. ਜਸਵੀਰ ਕੌਰ ਪੁੱਤਰੀ ਕਰਨੈਲ ਸਿੰਘ, 4. ਹਰਜਿੰਦਰ ਸਿੰਘ ਪੁੱਤਰ ਗੁਰਮੇਲ ਸਿੰਘ, 5. ਸੁਖਜਿੰਦਰ ਸਿੰਘ ਪੁੱਤਰ ਬਲਦੇਵ ਸਿੰਘ, 6. ਮਨਜੀਤ ਕੌਰ ਪਤਨੀ ਜਸਵੰਤ ਸਿੰਘ, 7. ਅਮਰਜੀਤ ਸਿੰਘ ਪੁੱਤਰ ਬਚਨ ਸਿੰਘ, 8. ਕੁਲਵੰਤ ਸਿੰਘ ਪੁੱਤਰ ਬਚਨ ਸਿੰਘ, 9. ਜਗਸੀਰ ਸਿੰਘ ਪੁੱਤਰ ਮੁਖ਼ਤਿਆਰ ਸਿੰਘ, 10. ਪਰਮਜੀਤ ਕੌਰ ਪਤਨੀ ਅਮਰੀਕ ਸਿੰਘ ਵਾਸੀਆਨ ਪਿੰਡ ਕਿਲ੍ਹਾ ਨੌ ਤਹਿਸੀਲ ਤੇ ਜ਼ਿਲ੍ਹਾ ਫਰੀਦਕੋਟ। ਖੇਵਟ ਨੰਬਰ 12/14, ਖਤੌਨੀ ਨੰਬਰ 18/21, ਖਸਰਾ ਨੰਬਰ 45//7, 8, 13, 14, 17/1, 18, 23, 24 ਦੀ ਤਕਸੀਮ ਕੀਤੀ ਜਾਣੀ ਹੈ। ਇਸ ਕੇਸ ਦੀ ਅਗਲੀ ਤਾਰੀਖ਼ ਪੇਸ਼ੀ 30-04-2026 ਨਿਸ਼ਚਿਤ ਕੀਤੀ ਗਈ ਹੈ। ਜੇਕਰ ਕਿਸੇ ਨੂੰ ਕੋਈ ਇਤਰਾਜ਼ ਹੋਵੇ ਤਾਂ ਉਹ ਨਿਸ਼ਚਿਤ ਤਾਰੀਖ਼ ਨੂੰ ਅਦਾਲਤ ਵਿੱਚ ਹਾਜ਼ਰ ਹੋ ਕੇ ਆਪਣਾ ਪੱਖ ਪੇਸ਼ ਕਰ ਸਕਦਾ ਹੈ। ਹਾਜ਼ਰ ਨਾ ਹੋਣ ਦੀ ਸੂਰਤ ਵਿੱਚ ਇਕਤਰਫ਼ਾ ਕਾਰਵਾਈ ਅਮਲ ਵਿੱਚ ਲਿਆਂਦੀ ਜਾਵੇਗੀ। 11. ਗੁਰਦੀਪ ਸਿੰਘ ਪੁੱਤਰ ਹਰਨਾਮ ਸਿੰਘ, 12. ਜਸਵਿੰਦਰ ਕੌਰ ਪਤਨੀ ਦਰਸ਼ਨ ਸਿੰਘ, 13. ਸੁਰਜੀਤ ਸਿੰਘ ਪੁੱਤਰ ਮੇਹਰ ਸਿੰਘ, 14. ਰਣਜੀਤ ਸਿੰਘ ਪੁੱਤਰ ਮੇਹਰ ਸਿੰਘ, 15. ਬਲਜੀਤ ਕੌਰ ਪਤਨੀ ਨਾਇਬ ਸਿੰਘ, 16. ਰਾਜਵਿੰਦਰ ਸਿੰਘ ਪੁੱਤਰ ਨਾਇਬ ਸਿੰਘ, 17. ਸਤਨਾਮ ਸਿੰਘ ਪੁੱਤਰ ਜੋਗਿੰਦਰ ਸਿੰਘ, 18. ਹਰਪ੍ਰੀਤ ਕੌਰ ਪੁੱਤਰੀ ਜੋਗਿੰਦਰ ਸਿੰਘ, 19. ਕਰਮਜੀਤ ਸਿੰਘ ਪੁੱਤਰ ਗੁਰਬਖ਼ਸ਼ ਸਿੰਘ, 20. ਸੁਖਵਿੰਦਰ ਕੌਰ ਪਤਨੀ ਗੁਰਬਖ਼ਸ਼ ਸਿੰਘ ਵਾਸੀਆਨ ਪਿੰਡ ਕਿਲ੍ਹਾ ਨੌ। ਖੇਵਟ ਨੰਬਰ 237 ਖਤੌਨੀ ਨੰਬਰ 356, 357, 358, 359, 360, 361, 362 ਵਿੱਚ ਦਰਜ ਜ਼ਮੀਨ ਦੀ ਤਕਸੀਮ ਸਬੰਧੀ ਵੀ ਇਸੇ ਤਾਰੀਖ਼ ਨੂੰ ਸੁਣਵਾਈ ਹੋਵੇਗੀ। ਸਮੂਹ ਹਿੱਸੇਦਾਰਾਂ ਨੂੰ ਹਦਾਇਤ ਕੀਤੀ ਜਾਂਦੀ ਹੈ ਕਿ ਉਹ ਆਪਣੇ ਦਸਤਾਵੇਜ਼ਾਂ ਸਮੇਤ ਹਾਜ਼ਰ ਹੋਣ। ਇਹ ਇਸ਼ਤਿਹਾਰ ਅੱਜ ਮਿਤੀ 15-04-2026 ਨੂੰ ਮੇਰੇ ਦਸਤਖ਼ਤਾਂ ਅਤੇ ਅਦਾਲਤ ਦੀ ਮੋਹਰ ਹੇਠ ਜਾਰੀ ਕੀਤਾ ਗਿਆ।
ਸਹਾਇਕ ਕੁਲੈਕਟਰ ਦਰਜਾ ਪਹਿਲਾ, ਫਰੀਦਕੋਟ
